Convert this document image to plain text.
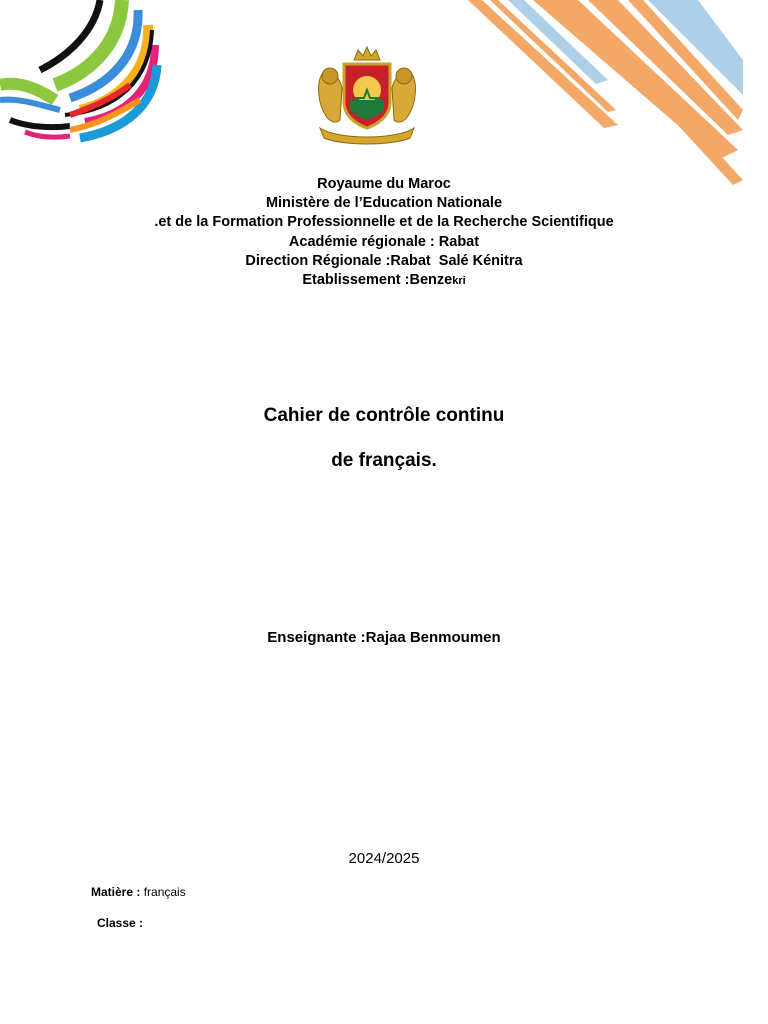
Royaume du Maroc
Ministère de l’Education Nationale
.et de la Formation Professionnelle et de la Recherche Scientifique
Académie régionale : Rabat
Direction Régionale :Rabat  Salé Kénitra
Etablissement :Benzekri
Cahier de contrôle continu
de français.
Enseignante :Rajaa Benmoumen
2024/2025
Matière : français
Classe :
